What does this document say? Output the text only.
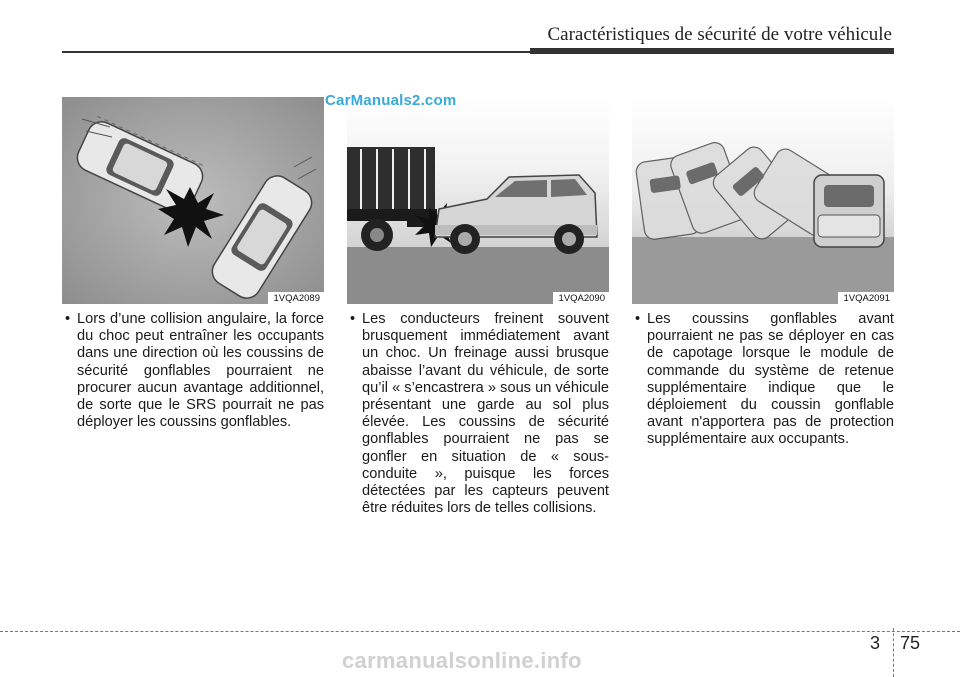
Caractéristiques de sécurité de votre véhicule
1VQA2089	1VQA2090	1VQA2091
CarManuals2.com
• Lors d’une collision angulaire, la force du choc peut entraîner les occupants dans une direction où les coussins de sécurité gonflables pourraient ne procurer aucun avantage additionnel, de sorte que le SRS pourrait ne pas déployer les coussins gonflables.
• Les conducteurs freinent souvent brusquement immédiatement avant un choc. Un freinage aussi brusque abaisse l’avant du véhicule, de sorte qu’il « s’encastrera » sous un véhicule présentant une garde au sol plus élevée. Les coussins de sécurité gonflables pourraient ne pas se gonfler en situation de « sous-conduite », puisque les forces détectées par les capteurs peuvent être réduites lors de telles collisions.
• Les coussins gonflables avant pourraient ne pas se déployer en cas de capotage lorsque le module de commande du système de retenue supplémentaire indique que le déploiement du coussin gonflable avant n'apportera pas de protection supplémentaire aux occupants.
3 75
carmanualsonline.info
